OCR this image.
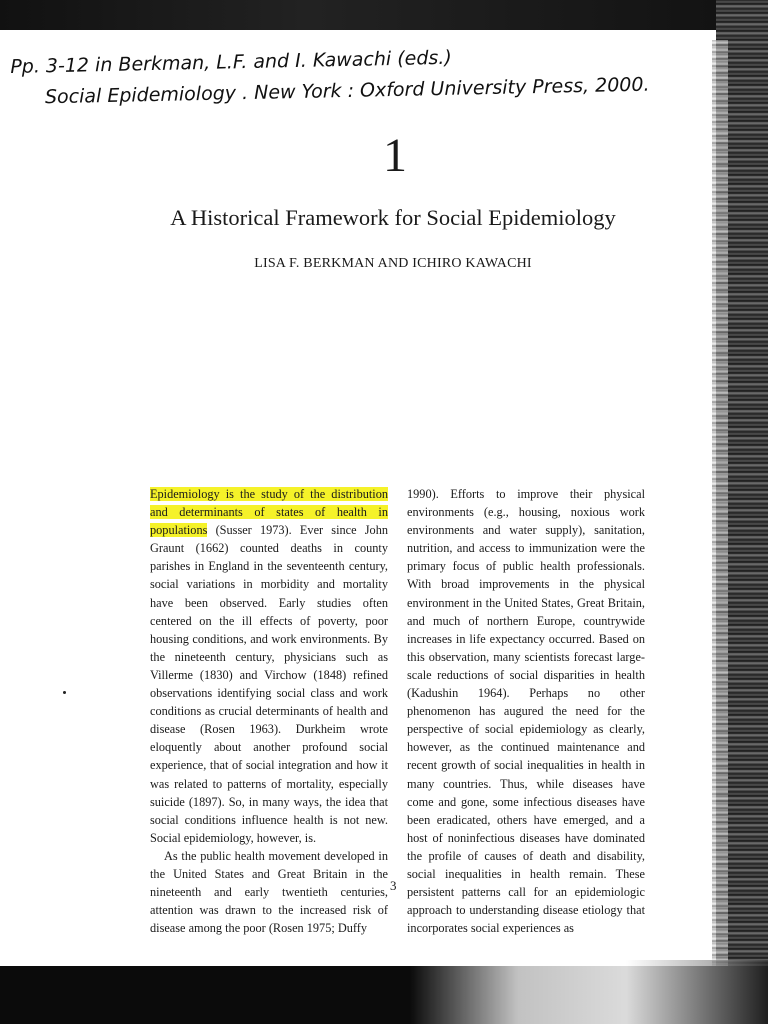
Pp. 3-12 in Berkman, L.F. and I. Kawachi (eds.)
Social Epidemiology . New York : Oxford University Press, 2000.
1
A Historical Framework for Social Epidemiology
LISA F. BERKMAN AND ICHIRO KAWACHI

Epidemiology is the study of the distribution and determinants of states of health in populations (Susser 1973). Ever since John Graunt (1662) counted deaths in county parishes in England in the seventeenth century, social variations in morbidity and mortality have been observed. Early studies often centered on the ill effects of poverty, poor housing conditions, and work environments. By the nineteenth century, physicians such as Villerme (1830) and Virchow (1848) refined observations identifying social class and work conditions as crucial determinants of health and disease (Rosen 1963). Durkheim wrote eloquently about another profound social experience, that of social integration and how it was related to patterns of mortality, especially suicide (1897). So, in many ways, the idea that social conditions influence health is not new. Social epidemiology, however, is.

As the public health movement developed in the United States and Great Britain in the nineteenth and early twentieth centuries, attention was drawn to the increased risk of disease among the poor (Rosen 1975; Duffy

1990). Efforts to improve their physical environments (e.g., housing, noxious work environments and water supply), sanitation, nutrition, and access to immunization were the primary focus of public health professionals. With broad improvements in the physical environment in the United States, Great Britain, and much of northern Europe, countrywide increases in life expectancy occurred. Based on this observation, many scientists forecast large-scale reductions of social disparities in health (Kadushin 1964). Perhaps no other phenomenon has augured the need for the perspective of social epidemiology as clearly, however, as the continued maintenance and recent growth of social inequalities in health in many countries. Thus, while diseases have come and gone, some infectious diseases have been eradicated, others have emerged, and a host of noninfectious diseases have dominated the profile of causes of death and disability, social inequalities in health remain. These persistent patterns call for an epidemiologic approach to understanding disease etiology that incorporates social experiences as

3
